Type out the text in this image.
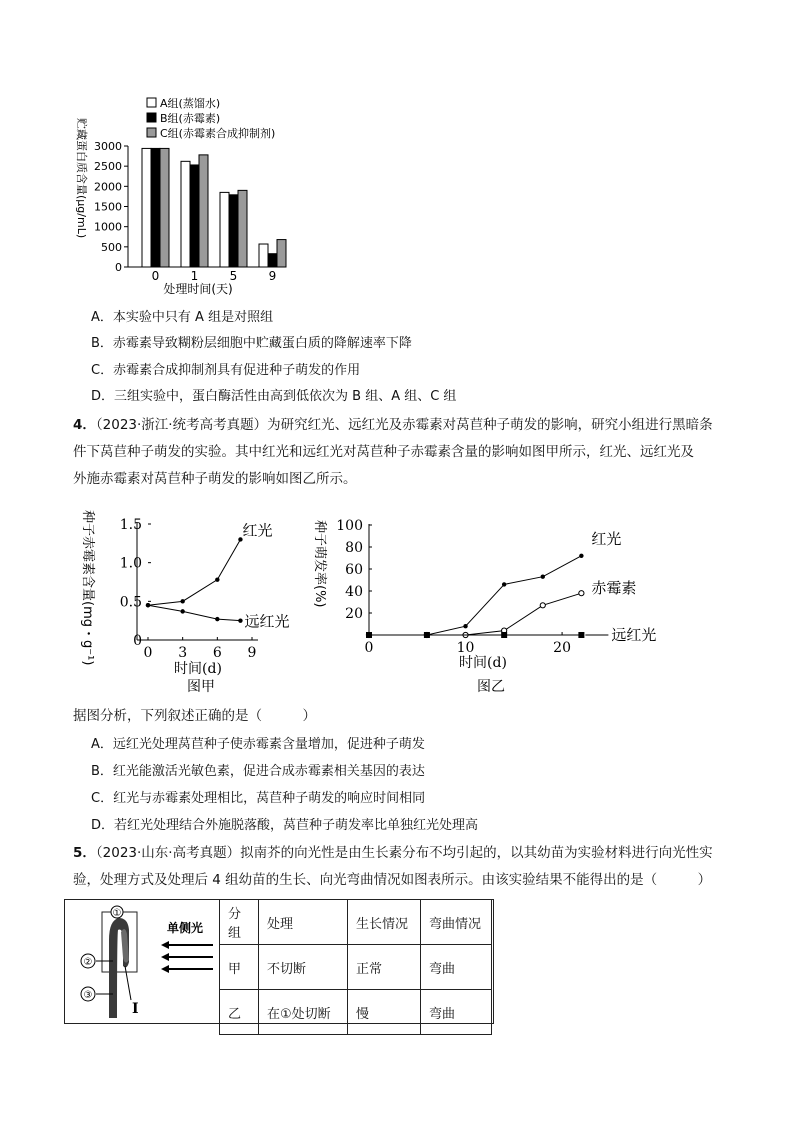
A组(蒸馏水)
B组(赤霉素)
C组(赤霉素合成抑制剂)
贮藏蛋白质含量(μg/mL)
0
500
1000
1500
2000
2500
3000
0	1	5	9
处理时间(天)
A．本实验中只有 A 组是对照组
B．赤霉素导致糊粉层细胞中贮藏蛋白质的降解速率下降
C．赤霉素合成抑制剂具有促进种子萌发的作用
D．三组实验中，蛋白酶活性由高到低依次为 B 组、A 组、C 组
4．（2023·浙江·统考高考真题）为研究红光、远红光及赤霉素对莴苣种子萌发的影响，研究小组进行黑暗条
件下莴苣种子萌发的实验。其中红光和远红光对莴苣种子赤霉素含量的影响如图甲所示，红光、远红光及
外施赤霉素对莴苣种子萌发的影响如图乙所示。
种子赤霉素含量(mg・g⁻¹)	0 3 6 9
0
0.5
1.0
1.5	红光
远红光
时间(d)
图甲
种子萌发率(%)
0	10	20
20
40
60
80
100
红光
赤霉素
远红光
时间(d)
图乙
据图分析，下列叙述正确的是（　　　）
A．远红光处理莴苣种子使赤霉素含量增加，促进种子萌发
B．红光能激活光敏色素，促进合成赤霉素相关基因的表达
C．红光与赤霉素处理相比，莴苣种子萌发的响应时间相同
D．若红光处理结合外施脱落酸，莴苣种子萌发率比单独红光处理高
5．（2023·山东·高考真题）拟南芥的向光性是由生长素分布不均引起的，以其幼苗为实验材料进行向光性实
验，处理方式及处理后 4 组幼苗的生长、向光弯曲情况如图表所示。由该实验结果不能得出的是（　　　）
①
②
③
I
单侧光
分组	处理	生长情况	弯曲情况
甲	不切断	正常	弯曲
乙	在①处切断	慢	弯曲
